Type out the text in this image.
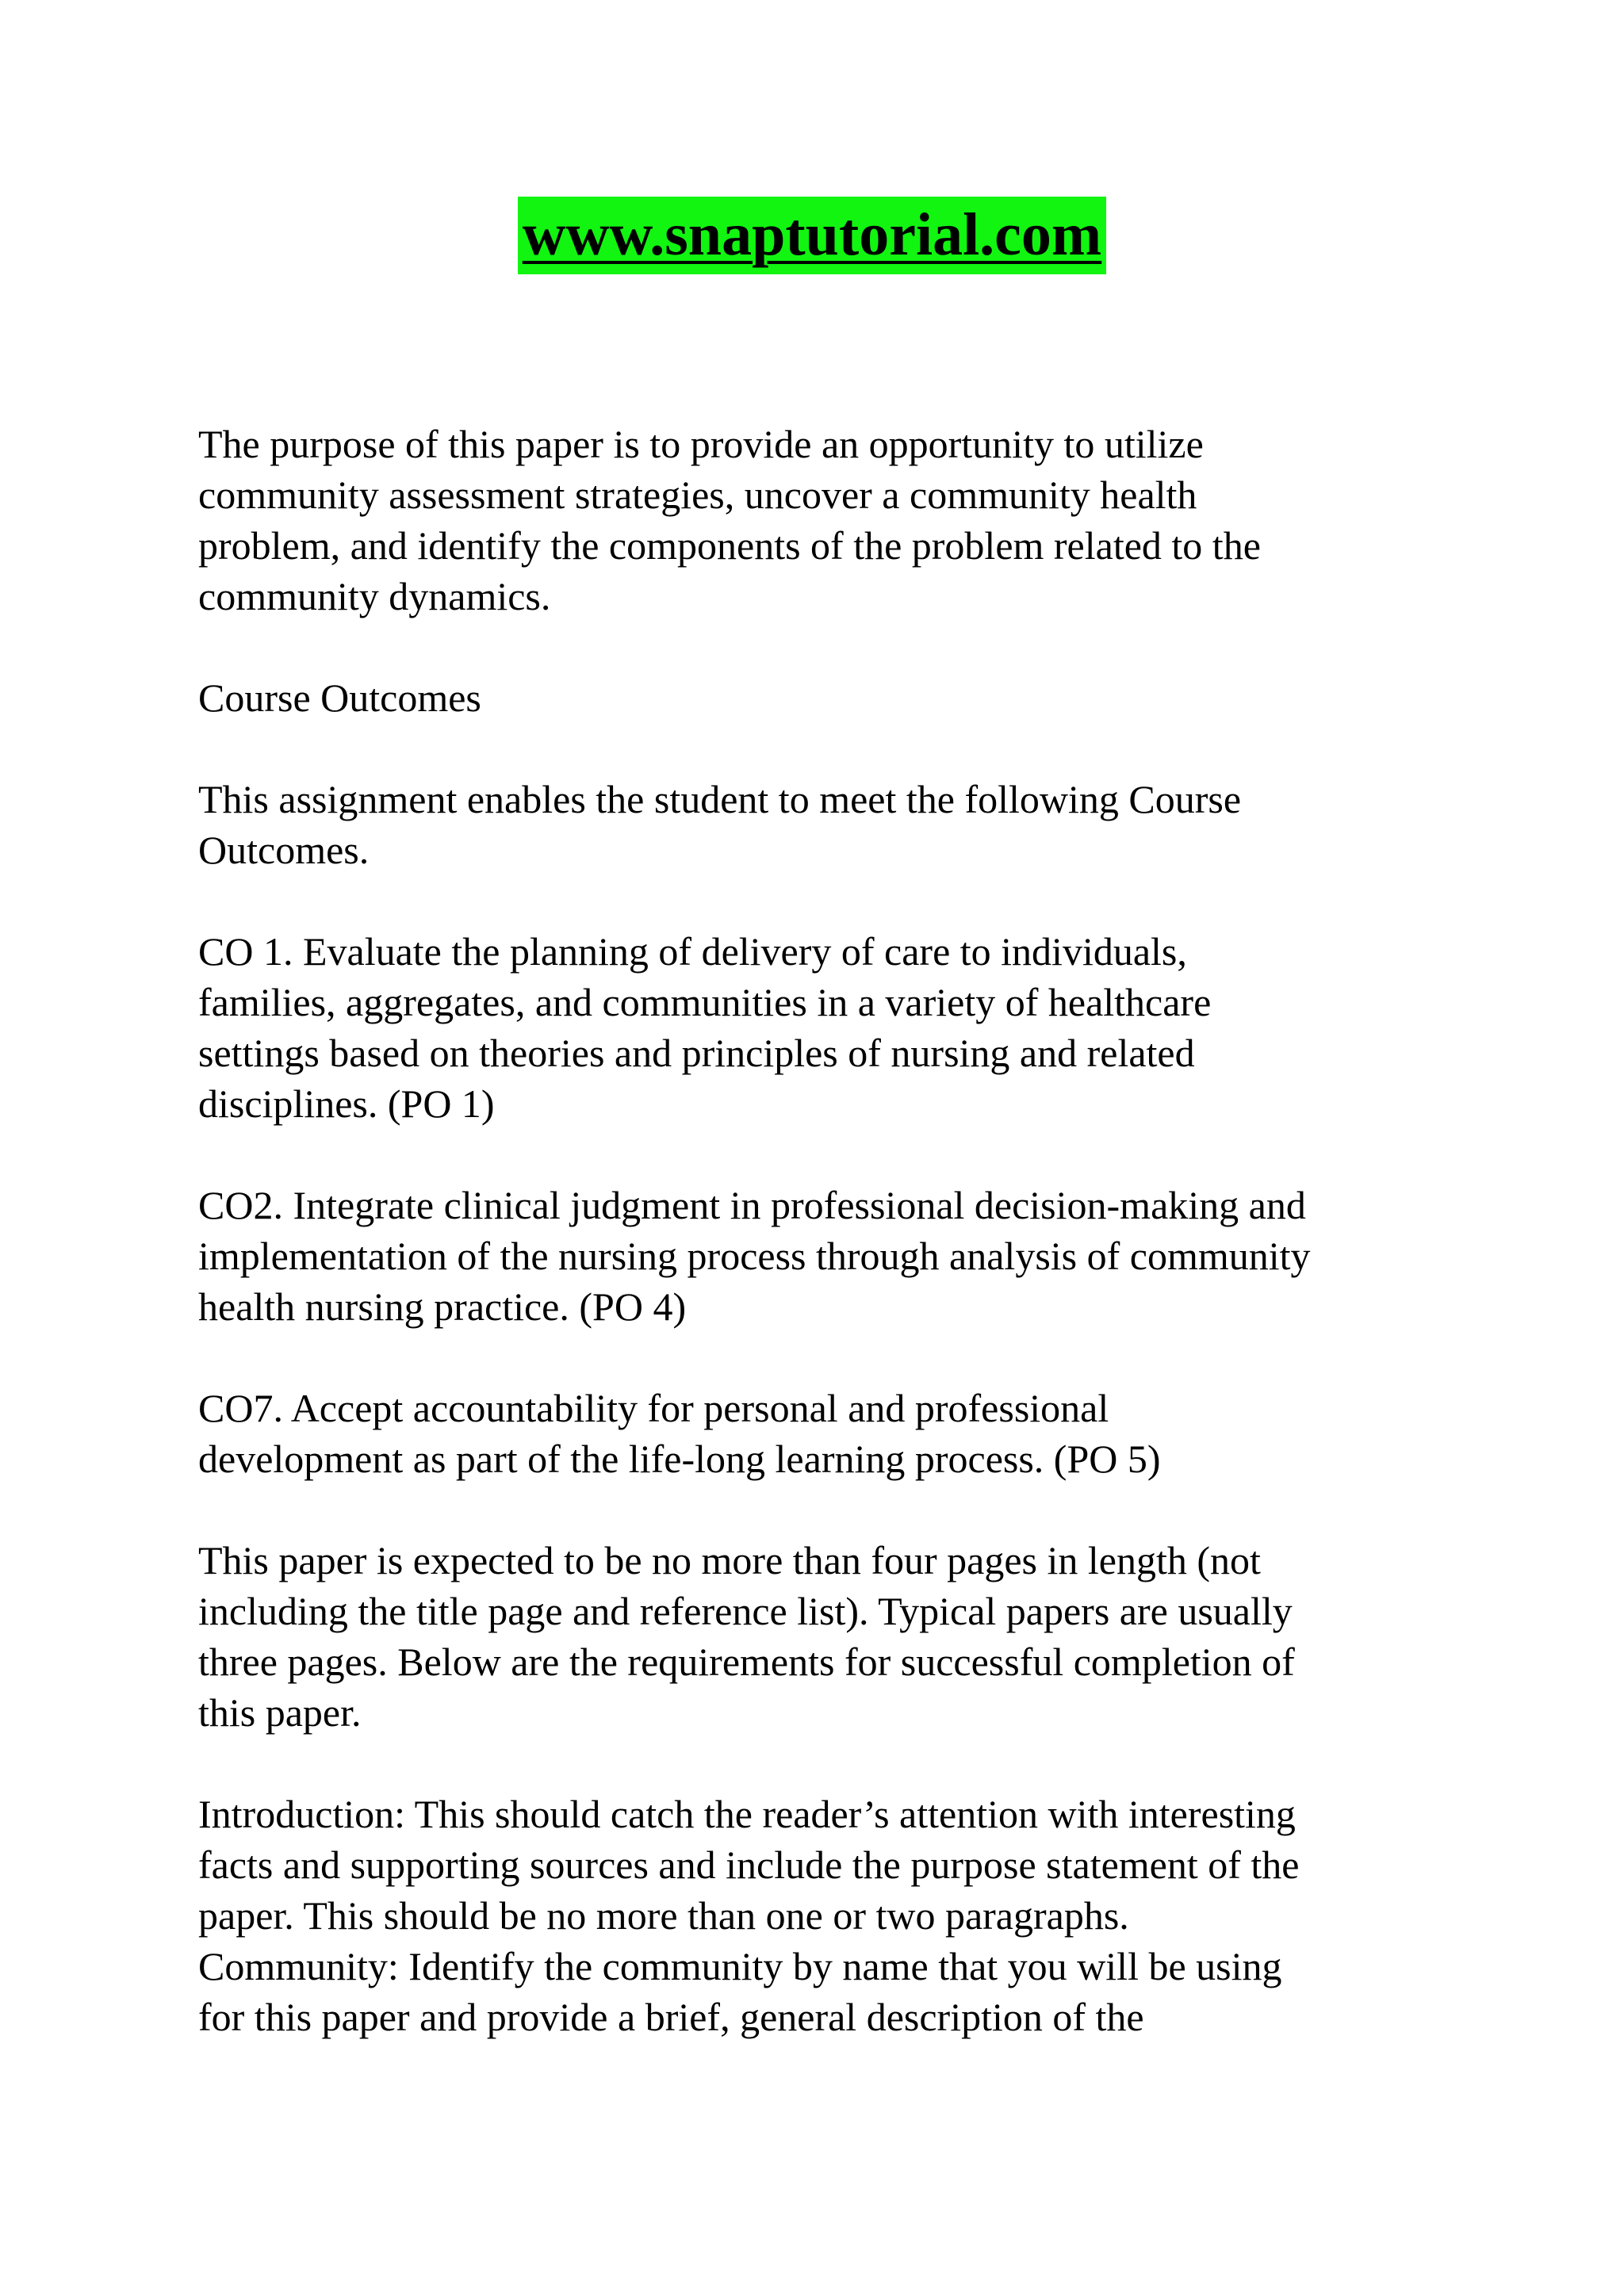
www.snaptutorial.com

The purpose of this paper is to provide an opportunity to utilize
community assessment strategies, uncover a community health
problem, and identify the components of the problem related to the
community dynamics.

Course Outcomes

This assignment enables the student to meet the following Course
Outcomes.

CO 1. Evaluate the planning of delivery of care to individuals,
families, aggregates, and communities in a variety of healthcare
settings based on theories and principles of nursing and related
disciplines. (PO 1)

CO2. Integrate clinical judgment in professional decision-making and
implementation of the nursing process through analysis of community
health nursing practice. (PO 4)

CO7. Accept accountability for personal and professional
development as part of the life-long learning process. (PO 5)

This paper is expected to be no more than four pages in length (not
including the title page and reference list). Typical papers are usually
three pages. Below are the requirements for successful completion of
this paper.

Introduction: This should catch the reader’s attention with interesting
facts and supporting sources and include the purpose statement of the
paper. This should be no more than one or two paragraphs.
Community: Identify the community by name that you will be using
for this paper and provide a brief, general description of the
